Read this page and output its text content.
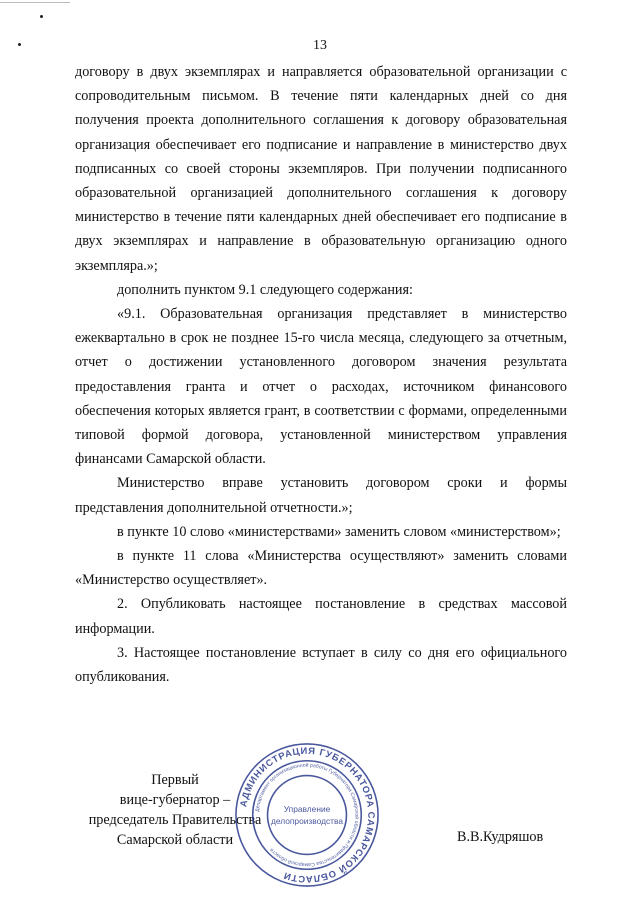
13

договору в двух экземплярах и направляется образовательной организации с сопроводительным письмом. В течение пяти календарных дней со дня получения проекта дополнительного соглашения к договору образовательная организация обеспечивает его подписание и направление в министерство двух подписанных со своей стороны экземпляров. При получении подписанного образовательной организацией дополнительного соглашения к договору министерство в течение пяти календарных дней обеспечивает его подписание в двух экземплярах и направление в образовательную организацию одного экземпляра.»;

дополнить пунктом 9.1 следующего содержания:

«9.1. Образовательная организация представляет в министерство ежеквартально в срок не позднее 15-го числа месяца, следующего за отчетным, отчет о достижении установленного договором значения результата предоставления гранта и отчет о расходах, источником финансового обеспечения которых является грант, в соответствии с формами, определенными типовой формой договора, установленной министерством управления финансами Самарской области.

Министерство вправе установить договором сроки и формы представления дополнительной отчетности.»;

в пункте 10 слово «министерствами» заменить словом «министерством»;

в пункте 11 слова «Министерства осуществляют» заменить словами «Министерство осуществляет».

2. Опубликовать настоящее постановление в средствах массовой информации.

3. Настоящее постановление вступает в силу со дня его официального опубликования.

Первый
вице-губернатор –
председатель Правительства
Самарской области
АДМИНИСТРАЦИЯ ГУБЕРНАТОРА САМАРСКОЙ ОБЛАСТИ
Департамент организационной работы Губернатора Самарской области и Правительства Самарской области
Управление
делопроизводства
В.В.Кудряшов
